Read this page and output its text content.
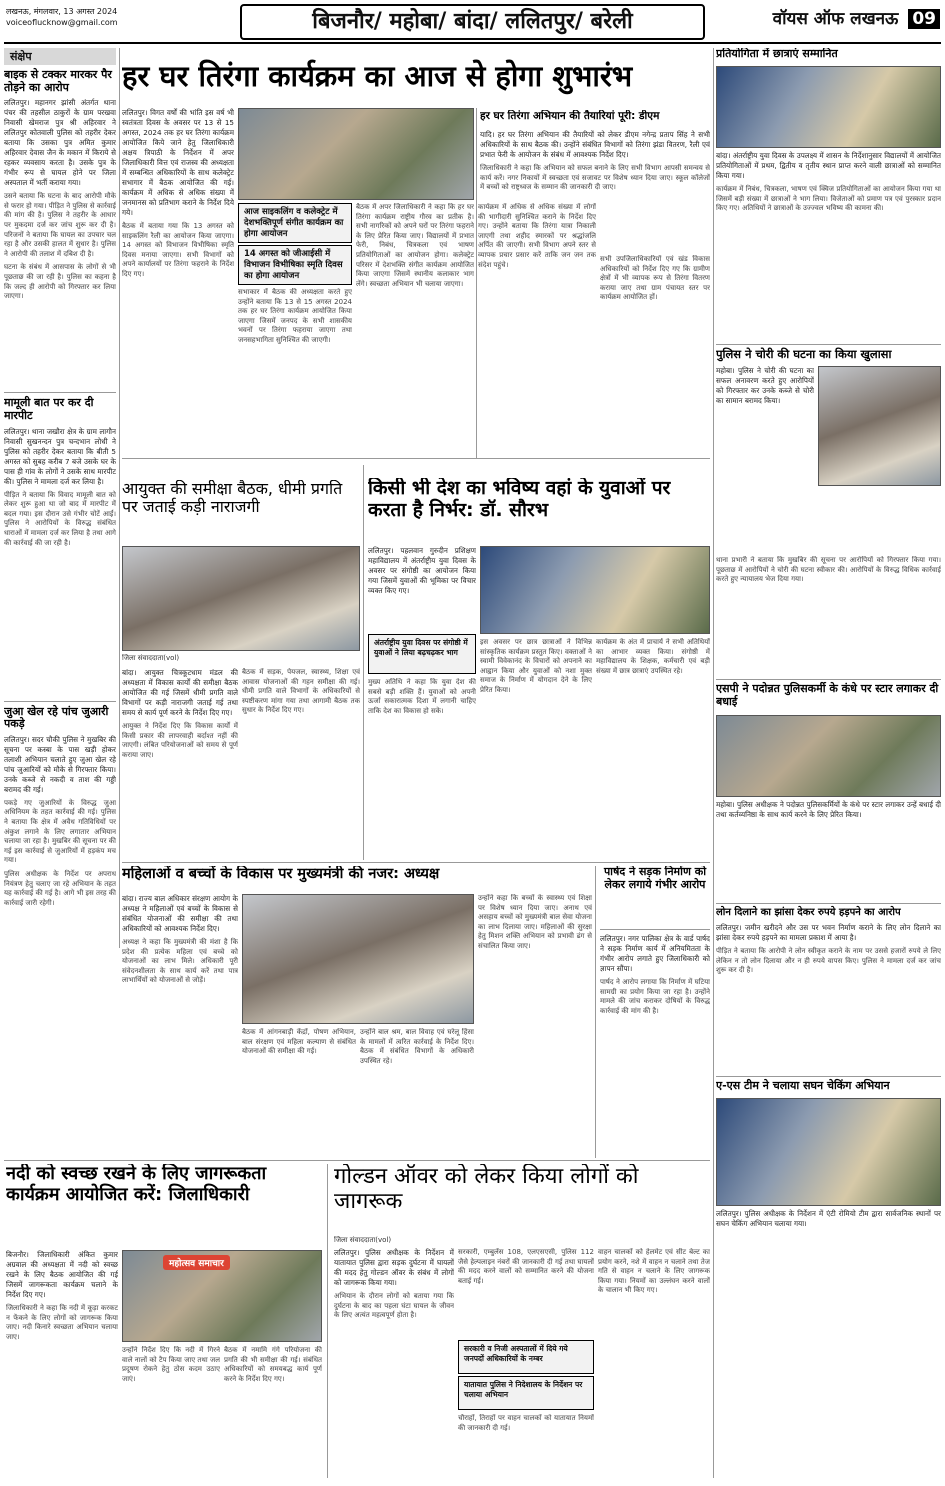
लखनऊ, मंगलवार, 13 अगस्त 2024
voiceoflucknow@gmail.com	बिजनौर/ महोबा/ बांदा/ ललितपुर/ बरेली	वॉयस ऑफ लखनऊ 09
संक्षेप
बाइक से टक्कर मारकर पैर तोड़ने का आरोप

ललितपुर। महानगर झांसी अंतर्गत थाना पंचर की तहसील ठाकुरों के ग्राम परखवा निवासी खेमराज पुत्र श्री अहिरवार ने ललितपुर कोतवाली पुलिस को तहरीर देकर बताया कि उसका पुत्र अमित कुमार अहिरवार देवास जैन के मकान में किराये से रहकर व्यवसाय करता है। उसके पुत्र के गंभीर रूप से घायल होने पर जिला अस्पताल में भर्ती कराया गया।

उसने बताया कि घटना के बाद आरोपी मौके से फरार हो गया। पीड़ित ने पुलिस से कार्रवाई की मांग की है। पुलिस ने तहरीर के आधार पर मुकदमा दर्ज कर जांच शुरू कर दी है। परिजनों ने बताया कि घायल का उपचार चल रहा है और उसकी हालत में सुधार है। पुलिस ने आरोपी की तलाश में दबिश दी है।

घटना के संबंध में आसपास के लोगों से भी पूछताछ की जा रही है। पुलिस का कहना है कि जल्द ही आरोपी को गिरफ्तार कर लिया जाएगा।

मामूली बात पर कर दी मारपीट

ललितपुर। थाना जखौरा क्षेत्र के ग्राम लागौन निवासी सुखनन्दन पुत्र चन्दभान लोधी ने पुलिस को तहरीर देकर बताया कि बीती 5 अगस्त को सुबह करीब 7 बजे उसके घर के पास ही गांव के लोगों ने उसके साथ मारपीट की। पुलिस ने मामला दर्ज कर लिया है।

पीड़ित ने बताया कि विवाद मामूली बात को लेकर शुरू हुआ था जो बाद में मारपीट में बदल गया। इस दौरान उसे गंभीर चोटें आईं। पुलिस ने आरोपियों के विरुद्ध संबंधित धाराओं में मामला दर्ज कर लिया है तथा आगे की कार्रवाई की जा रही है।

जुआ खेल रहे पांच जुआरी पकड़े

ललितपुर। सदर चौकी पुलिस ने मुखबिर की सूचना पर कस्बा के पास खड़ी होकर तलाशी अभियान चलाते हुए जुआ खेल रहे पांच जुआरियों को मौके से गिरफ्तार किया। उनके कब्जे से नकदी व ताश की गड्डी बरामद की गई।

पकड़े गए जुआरियों के विरुद्ध जुआ अधिनियम के तहत कार्रवाई की गई। पुलिस ने बताया कि क्षेत्र में अवैध गतिविधियों पर अंकुश लगाने के लिए लगातार अभियान चलाया जा रहा है। मुखबिर की सूचना पर की गई इस कार्रवाई से जुआरियों में हड़कंप मच गया।

पुलिस अधीक्षक के निर्देश पर अपराध नियंत्रण हेतु चलाए जा रहे अभियान के तहत यह कार्रवाई की गई है। आगे भी इस तरह की कार्रवाई जारी रहेगी।

हर घर तिरंगा कार्यक्रम का आज से होगा शुभारंभ

ललितपुर। विगत वर्षों की भांति इस वर्ष भी स्वतंत्रता दिवस के अवसर पर 13 से 15 अगस्त, 2024 तक हर घर तिरंगा कार्यक्रम आयोजित किये जाने हेतु जिलाधिकारी अक्षय त्रिपाठी के निर्देशन में अपर जिलाधिकारी वित्त एवं राजस्व की अध्यक्षता में सम्बन्धित अधिकारियों के साथ कलेक्ट्रेट सभागार में बैठक आयोजित की गई। कार्यक्रम में अधिक से अधिक संख्या में जनमानस को प्रतिभाग कराने के निर्देश दिये गये।

बैठक में बताया गया कि 13 अगस्त को साइकलिंग रैली का आयोजन किया जाएगा। 14 अगस्त को विभाजन विभीषिका स्मृति दिवस मनाया जाएगा। सभी विभागों को अपने कार्यालयों पर तिरंगा फहराने के निर्देश दिए गए।

आज साइकलिंग व कलेक्ट्रेट में देशभक्तिपूर्ण संगीत कार्यक्रम का होगा आयोजन
14 अगस्त को जीआईसी में विभाजन विभीषिका स्मृति दिवस का होगा आयोजन

बैठक में अपर जिलाधिकारी ने कहा कि हर घर तिरंगा कार्यक्रम राष्ट्रीय गौरव का प्रतीक है। सभी नागरिकों को अपने घरों पर तिरंगा फहराने के लिए प्रेरित किया जाए। विद्यालयों में प्रभात फेरी, निबंध, चित्रकला एवं भाषण प्रतियोगिताओं का आयोजन होगा। कलेक्ट्रेट परिसर में देशभक्ति संगीत कार्यक्रम आयोजित किया जाएगा जिसमें स्थानीय कलाकार भाग लेंगे। स्वच्छता अभियान भी चलाया जाएगा।

सभाकार में बैठक की अध्यक्षता करते हुए उन्होंने बताया कि 13 से 15 अगस्त 2024 तक हर घर तिरंगा कार्यक्रम आयोजित किया जाएगा जिसमें जनपद के सभी शासकीय भवनों पर तिरंगा फहराया जाएगा तथा जनसहभागिता सुनिश्चित की जाएगी।

कार्यक्रम में अधिक से अधिक संख्या में लोगों की भागीदारी सुनिश्चित कराने के निर्देश दिए गए। उन्होंने बताया कि तिरंगा यात्रा निकाली जाएगी तथा शहीद स्मारकों पर श्रद्धांजलि अर्पित की जाएगी। सभी विभाग अपने स्तर से व्यापक प्रचार प्रसार करें ताकि जन जन तक संदेश पहुंचे।

हर घर तिरंगा अभियान की तैयारियां पूरी: डीएम

यादि। हर घर तिरंगा अभियान की तैयारियों को लेकर डीएम नगेन्द्र प्रताप सिंह ने सभी अधिकारियों के साथ बैठक की। उन्होंने संबंधित विभागों को तिरंगा झंडा वितरण, रैली एवं प्रभात फेरी के आयोजन के संबंध में आवश्यक निर्देश दिए।

जिलाधिकारी ने कहा कि अभियान को सफल बनाने के लिए सभी विभाग आपसी समन्वय से कार्य करें। नगर निकायों में स्वच्छता एवं सजावट पर विशेष ध्यान दिया जाए। स्कूल कॉलेजों में बच्चों को राष्ट्रध्वज के सम्मान की जानकारी दी जाए।

सभी उपजिलाधिकारियों एवं खंड विकास अधिकारियों को निर्देश दिए गए कि ग्रामीण क्षेत्रों में भी व्यापक रूप से तिरंगा वितरण कराया जाए तथा ग्राम पंचायत स्तर पर कार्यक्रम आयोजित हों।

आयुक्त की समीक्षा बैठक, धीमी प्रगति पर जताई कड़ी नाराजगी
जिला संवाददाता(vol)

बांदा। आयुक्त चित्रकूटधाम मंडल की अध्यक्षता में विकास कार्यों की समीक्षा बैठक आयोजित की गई जिसमें धीमी प्रगति वाले विभागों पर कड़ी नाराजगी जताई गई तथा समय से कार्य पूर्ण करने के निर्देश दिए गए।

आयुक्त ने निर्देश दिए कि विकास कार्यों में किसी प्रकार की लापरवाही बर्दाश्त नहीं की जाएगी। लंबित परियोजनाओं को समय से पूर्ण कराया जाए।

बैठक में सड़क, पेयजल, स्वास्थ्य, शिक्षा एवं आवास योजनाओं की गहन समीक्षा की गई। धीमी प्रगति वाले विभागों के अधिकारियों से स्पष्टीकरण मांगा गया तथा आगामी बैठक तक सुधार के निर्देश दिए गए।

किसी भी देश का भविष्य वहां के युवाओं पर करता है निर्भर: डॉ. सौरभ

ललितपुर। पहलवान गुरुदीन प्रशिक्षण महाविद्यालय में अंतर्राष्ट्रीय युवा दिवस के अवसर पर संगोष्ठी का आयोजन किया गया जिसमें युवाओं की भूमिका पर विचार व्यक्त किए गए।

अंतर्राष्ट्रीय युवा दिवस पर संगोष्ठी में युवाओं ने लिया बढ़चढ़कर भाग

मुख्य अतिथि ने कहा कि युवा देश की सबसे बड़ी शक्ति हैं। युवाओं को अपनी ऊर्जा सकारात्मक दिशा में लगानी चाहिए ताकि देश का विकास हो सके।

इस अवसर पर छात्र छात्राओं ने विभिन्न सांस्कृतिक कार्यक्रम प्रस्तुत किए। वक्ताओं ने स्वामी विवेकानंद के विचारों को अपनाने का आह्वान किया और युवाओं को नशा मुक्त समाज के निर्माण में योगदान देने के लिए प्रेरित किया।

कार्यक्रम के अंत में प्राचार्य ने सभी अतिथियों का आभार व्यक्त किया। संगोष्ठी में महाविद्यालय के शिक्षक, कर्मचारी एवं बड़ी संख्या में छात्र छात्राएं उपस्थित रहे।

महिलाओं व बच्चों के विकास पर मुख्यमंत्री की नजर: अध्यक्ष

बांदा। राज्य बाल अधिकार संरक्षण आयोग के अध्यक्ष ने महिलाओं एवं बच्चों के विकास से संबंधित योजनाओं की समीक्षा की तथा अधिकारियों को आवश्यक निर्देश दिए।

अध्यक्ष ने कहा कि मुख्यमंत्री की मंशा है कि प्रदेश की प्रत्येक महिला एवं बच्चे को योजनाओं का लाभ मिले। अधिकारी पूरी संवेदनशीलता के साथ कार्य करें तथा पात्र लाभार्थियों को योजनाओं से जोड़ें।

बैठक में आंगनबाड़ी केंद्रों, पोषण अभियान, बाल संरक्षण एवं महिला कल्याण से संबंधित योजनाओं की समीक्षा की गई।

उन्होंने बाल श्रम, बाल विवाह एवं घरेलू हिंसा के मामलों में त्वरित कार्रवाई के निर्देश दिए। बैठक में संबंधित विभागों के अधिकारी उपस्थित रहे।

उन्होंने कहा कि बच्चों के स्वास्थ्य एवं शिक्षा पर विशेष ध्यान दिया जाए। अनाथ एवं असहाय बच्चों को मुख्यमंत्री बाल सेवा योजना का लाभ दिलाया जाए। महिलाओं की सुरक्षा हेतु मिशन शक्ति अभियान को प्रभावी ढंग से संचालित किया जाए।

पार्षद ने सड़क निर्माण को लेकर लगाये गंभीर आरोप

ललितपुर। नगर पालिका क्षेत्र के वार्ड पार्षद ने सड़क निर्माण कार्य में अनियमितता के गंभीर आरोप लगाते हुए जिलाधिकारी को ज्ञापन सौंपा।

पार्षद ने आरोप लगाया कि निर्माण में घटिया सामग्री का प्रयोग किया जा रहा है। उन्होंने मामले की जांच कराकर दोषियों के विरुद्ध कार्रवाई की मांग की है।

नदी को स्वच्छ रखने के लिए जागरूकता कार्यक्रम आयोजित करें: जिलाधिकारी

बिजनौर। जिलाधिकारी अंकित कुमार अग्रवाल की अध्यक्षता में नदी को स्वच्छ रखने के लिए बैठक आयोजित की गई जिसमें जागरूकता कार्यक्रम चलाने के निर्देश दिए गए।

जिलाधिकारी ने कहा कि नदी में कूड़ा करकट न फेंकने के लिए लोगों को जागरूक किया जाए। नदी किनारे स्वच्छता अभियान चलाया जाए।

महोत्सव समाचार

उन्होंने निर्देश दिए कि नदी में गिरने वाले नालों को टैप किया जाए तथा जल प्रदूषण रोकने हेतु ठोस कदम उठाए जाएं।

बैठक में नमामि गंगे परियोजना की प्रगति की भी समीक्षा की गई। संबंधित अधिकारियों को समयबद्ध कार्य पूर्ण करने के निर्देश दिए गए।

गोल्डन ऑवर को लेकर किया लोगों को जागरूक
जिला संवाददाता(vol)

ललितपुर। पुलिस अधीक्षक के निर्देशन में यातायात पुलिस द्वारा सड़क दुर्घटना में घायलों की मदद हेतु गोल्डन ऑवर के संबंध में लोगों को जागरूक किया गया।

अभियान के दौरान लोगों को बताया गया कि दुर्घटना के बाद का पहला घंटा घायल के जीवन के लिए अत्यंत महत्वपूर्ण होता है।

सरकारी, एम्बुलेंस 108, एलएसएसी, पुलिस 112 जैसे हेल्पलाइन नंबरों की जानकारी दी गई तथा घायलों की मदद करने वालों को सम्मानित करने की योजना बताई गई।

सरकारी व निजी अस्पतालों में दिये गये जनपदों अधिकारियों के नम्बर
यातायात पुलिस ने निदेशालय के निर्देशन पर चलाया अभियान

चौराहों, तिराहों पर वाहन चालकों को यातायात नियमों की जानकारी दी गई।

वाहन चालकों को हेलमेट एवं सीट बेल्ट का प्रयोग करने, नशे में वाहन न चलाने तथा तेज गति से वाहन न चलाने के लिए जागरूक किया गया। नियमों का उल्लंघन करने वालों के चालान भी किए गए।

प्रतियोगिता में छात्राएं सम्मानित

बांदा। अंतर्राष्ट्रीय युवा दिवस के उपलक्ष्य में शासन के निर्देशानुसार विद्यालयों में आयोजित प्रतियोगिताओं में प्रथम, द्वितीय व तृतीय स्थान प्राप्त करने वाली छात्राओं को सम्मानित किया गया।

कार्यक्रम में निबंध, चित्रकला, भाषण एवं क्विज प्रतियोगिताओं का आयोजन किया गया था जिसमें बड़ी संख्या में छात्राओं ने भाग लिया। विजेताओं को प्रमाण पत्र एवं पुरस्कार प्रदान किए गए। अतिथियों ने छात्राओं के उज्ज्वल भविष्य की कामना की।

पुलिस ने चोरी की घटना का किया खुलासा

महोबा। पुलिस ने चोरी की घटना का सफल अनावरण करते हुए आरोपियों को गिरफ्तार कर उनके कब्जे से चोरी का सामान बरामद किया।

थाना प्रभारी ने बताया कि मुखबिर की सूचना पर आरोपियों को गिरफ्तार किया गया। पूछताछ में आरोपियों ने चोरी की घटना स्वीकार की। आरोपियों के विरुद्ध विधिक कार्रवाई करते हुए न्यायालय भेज दिया गया।

एसपी ने पदोन्नत पुलिसकर्मी के कंधे पर स्टार लगाकर दी बधाई

महोबा। पुलिस अधीक्षक ने पदोन्नत पुलिसकर्मियों के कंधे पर स्टार लगाकर उन्हें बधाई दी तथा कर्तव्यनिष्ठा के साथ कार्य करने के लिए प्रेरित किया।

लोन दिलाने का झांसा देकर रुपये हड़पने का आरोप

ललितपुर। जमीन खरीदने और उस पर भवन निर्माण कराने के लिए लोन दिलाने का झांसा देकर रुपये हड़पने का मामला प्रकाश में आया है।

पीड़ित ने बताया कि आरोपी ने लोन स्वीकृत कराने के नाम पर उससे हजारों रुपये ले लिए लेकिन न तो लोन दिलाया और न ही रुपये वापस किए। पुलिस ने मामला दर्ज कर जांच शुरू कर दी है।

ए-एस टीम ने चलाया सघन चेकिंग अभियान

ललितपुर। पुलिस अधीक्षक के निर्देशन में एंटी रोमियो टीम द्वारा सार्वजनिक स्थानों पर सघन चेकिंग अभियान चलाया गया।
